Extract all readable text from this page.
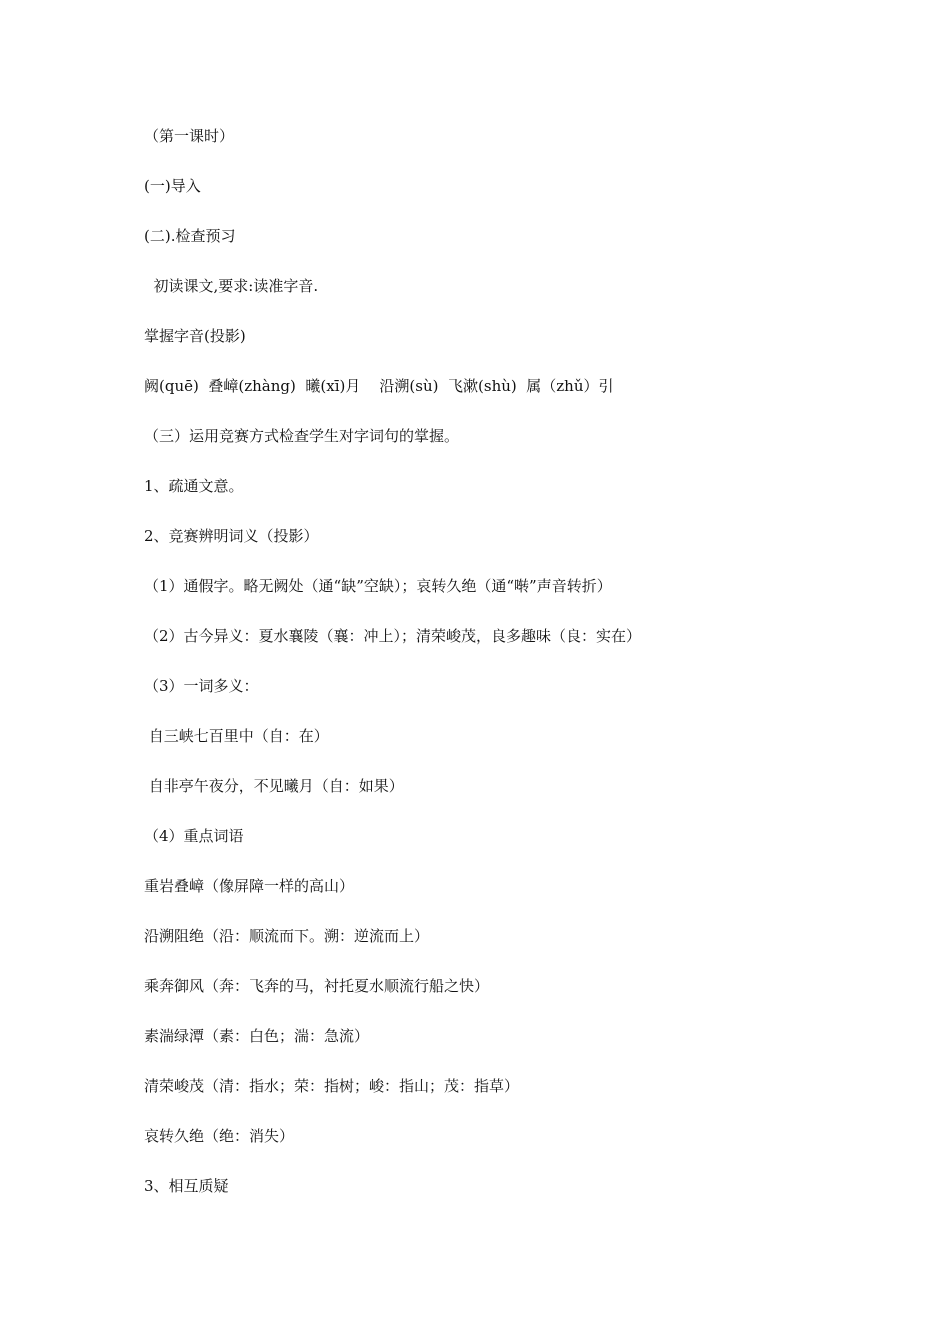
（第一课时）
(一)导入
(二).检查预习
初读课文,要求:读准字音.
掌握字音(投影)
阙(quē)  叠嶂(zhàng)  曦(xī)月    沿溯(sù)  飞漱(shù)  属（zhǔ）引
（三）运用竞赛方式检查学生对字词句的掌握。
1、疏通文意。
2、竞赛辨明词义（投影）
（1）通假字。略无阙处（通“缺”空缺）；哀转久绝（通“啭”声音转折）
（2）古今异义：夏水襄陵（襄：冲上）；清荣峻茂，良多趣味（良：实在）
（3）一词多义：
自三峡七百里中（自：在）
自非亭午夜分，不见曦月（自：如果）
（4）重点词语
重岩叠嶂（像屏障一样的高山）
沿溯阻绝（沿：顺流而下。溯：逆流而上）
乘奔御风（奔：飞奔的马，衬托夏水顺流行船之快）
素湍绿潭（素：白色；湍：急流）
清荣峻茂（清：指水；荣：指树；峻：指山；茂：指草）
哀转久绝（绝：消失）
3、相互质疑
